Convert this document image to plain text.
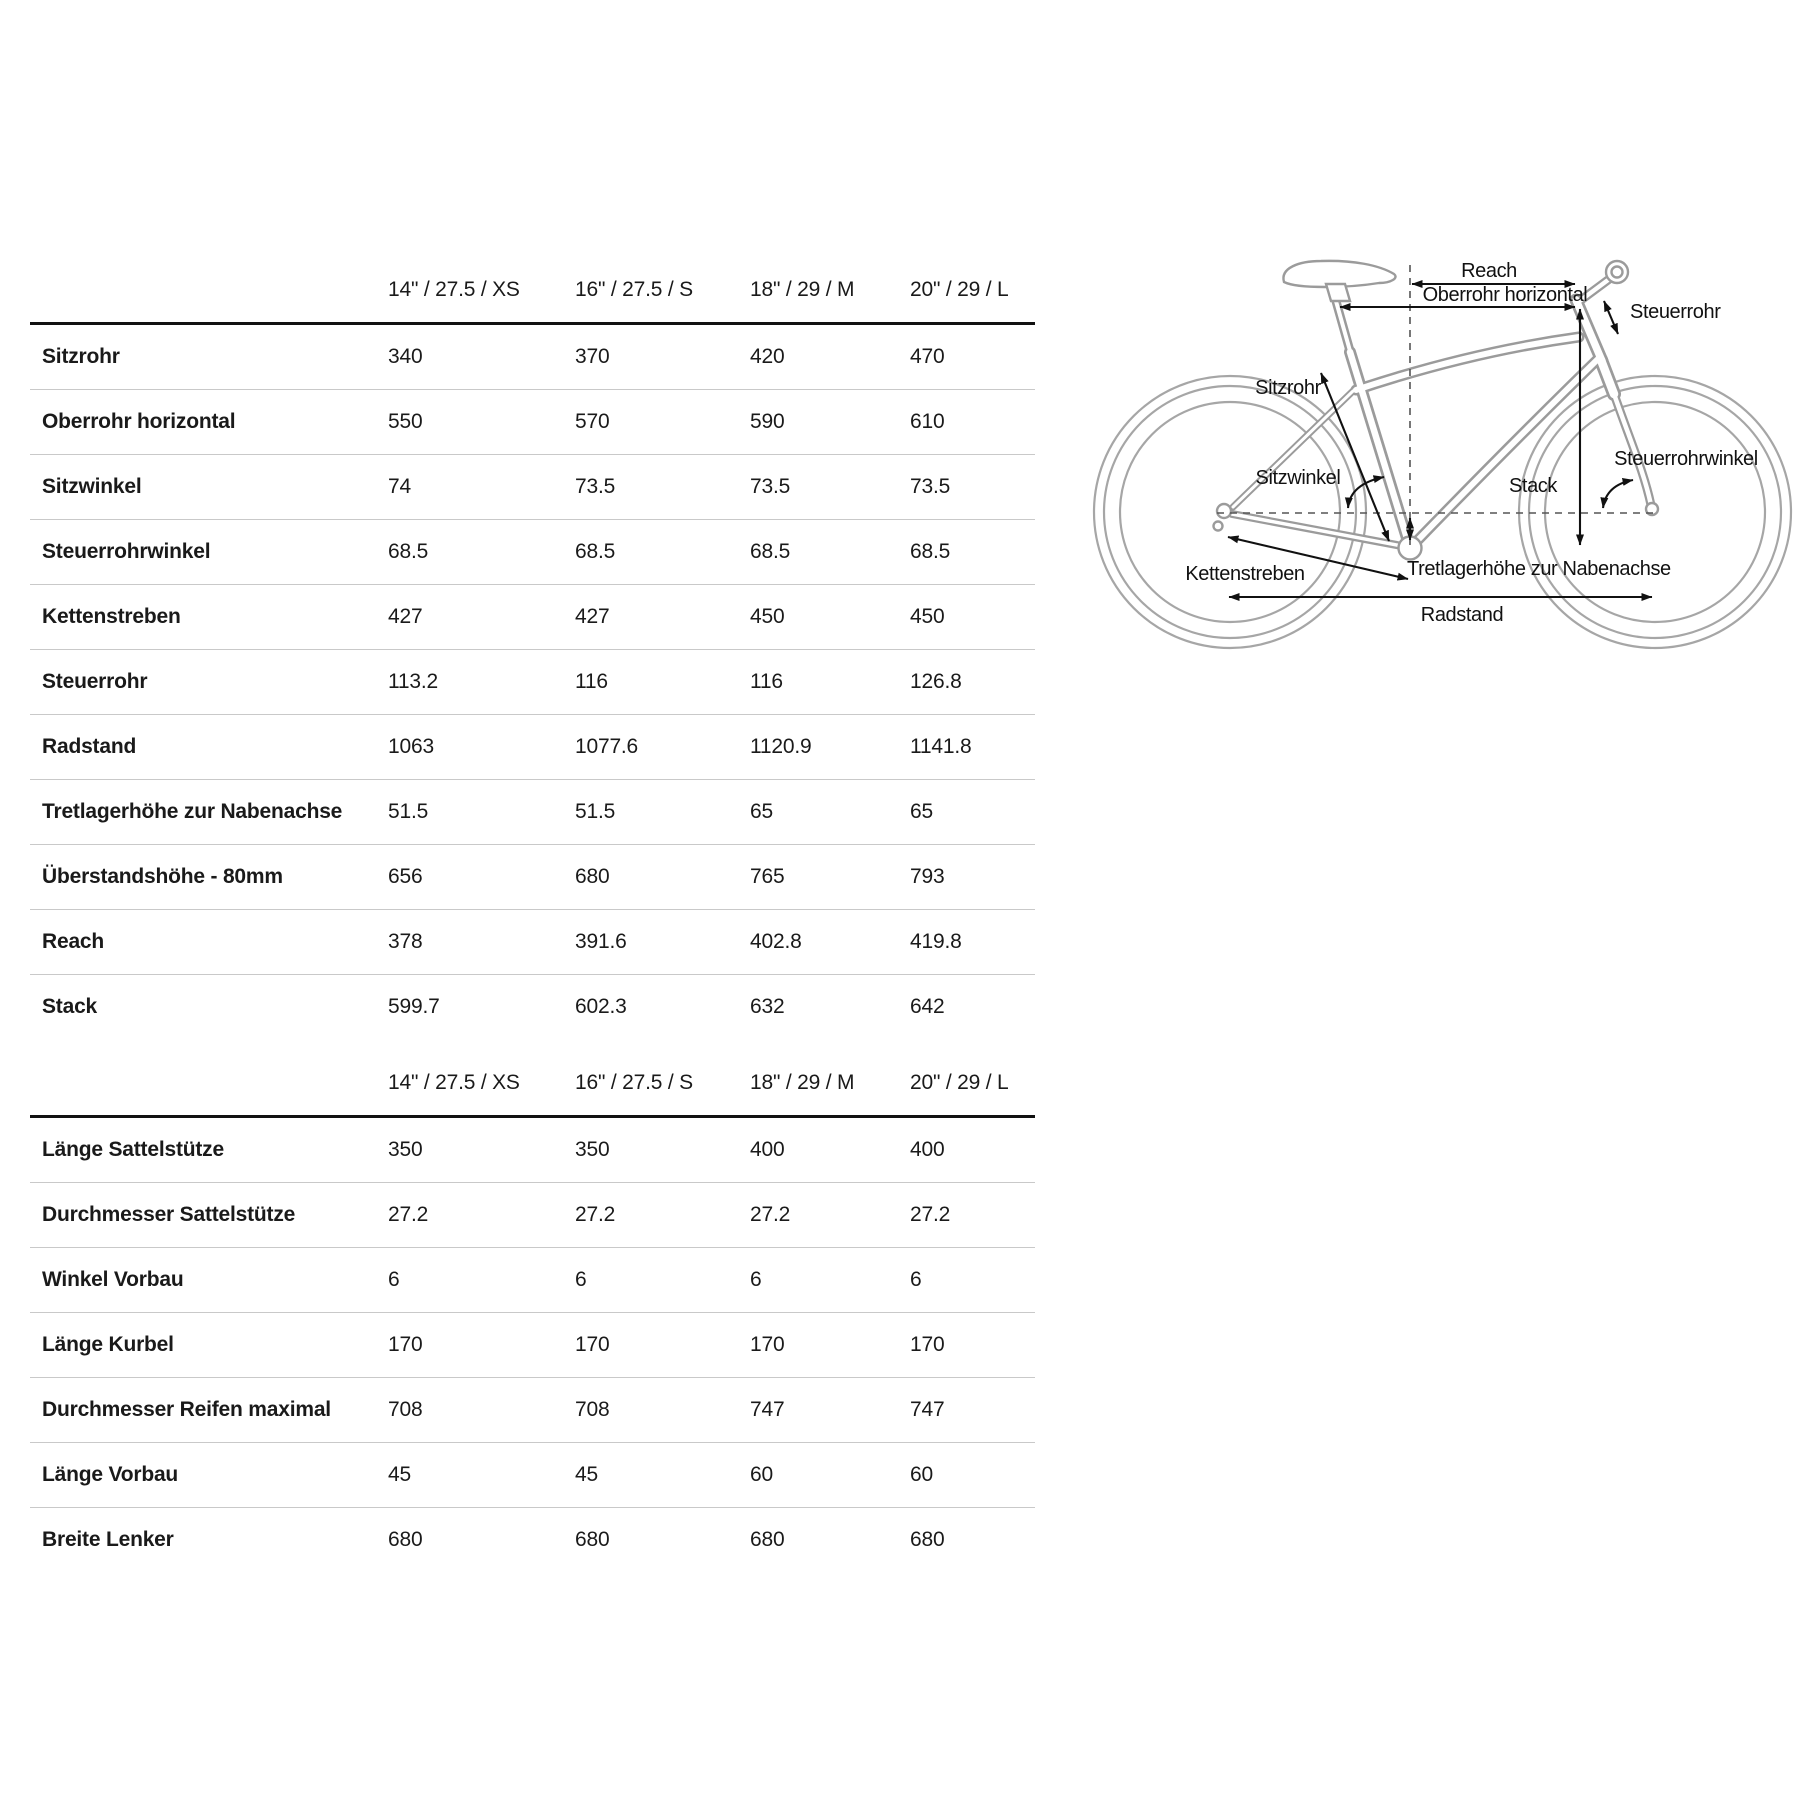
14" / 27.5 / XS	16" / 27.5 / S	18" / 29 / M	20" / 29 / L
Sitzrohr	340	370	420	470
Oberrohr horizontal	550	570	590	610
Sitzwinkel	74	73.5	73.5	73.5
Steuerrohrwinkel	68.5	68.5	68.5	68.5
Kettenstreben	427	427	450	450
Steuerrohr	113.2	116	116	126.8
Radstand	1063	1077.6	1120.9	1141.8
Tretlagerhöhe zur Nabenachse	51.5	51.5	65	65
Überstandshöhe - 80mm	656	680	765	793
Reach	378	391.6	402.8	419.8
Stack	599.7	602.3	632	642
14" / 27.5 / XS	16" / 27.5 / S	18" / 29 / M	20" / 29 / L
Länge Sattelstütze	350	350	400	400
Durchmesser Sattelstütze	27.2	27.2	27.2	27.2
Winkel Vorbau	6	6	6	6
Länge Kurbel	170	170	170	170
Durchmesser Reifen maximal	708	708	747	747
Länge Vorbau	45	45	60	60
Breite Lenker	680	680	680	680
Reach
Oberrohr horizontal
Steuerrohr
Sitzrohr
Sitzwinkel	Stack
Steuerrohrwinkel
Tretlagerhöhe zur Nabenachse
Kettenstreben
Radstand
